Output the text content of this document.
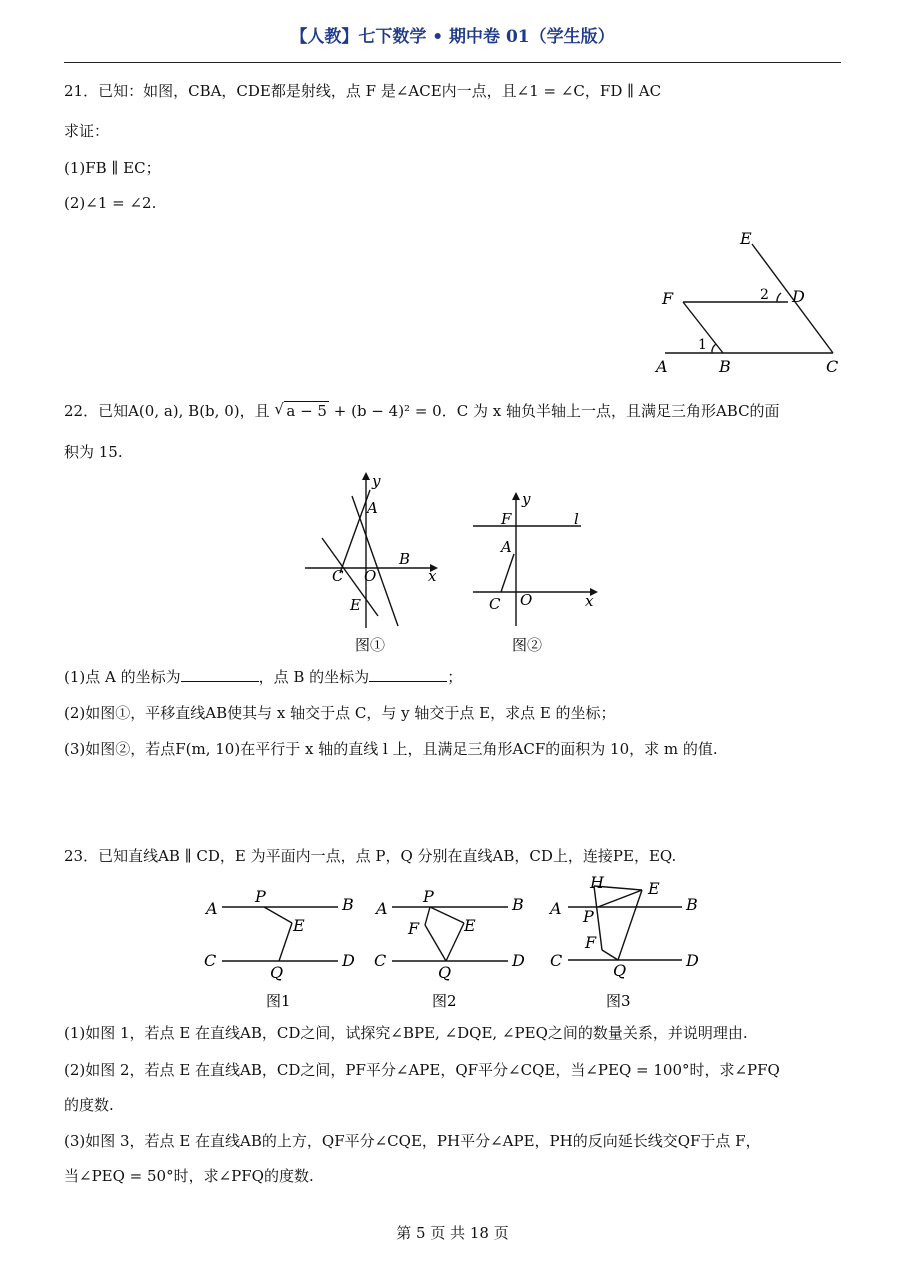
【人教】七下数学 • 期中卷 01（学生版）
21．已知：如图，CBA，CDE都是射线，点 F 是∠ACE内一点，且∠1 = ∠C，FD ∥ AC
求证：
(1)FB ∥ EC；
(2)∠1 = ∠2.
E
F	D
A	B	C
1
2
22．已知A(0, a), B(b, 0)，且 √ a − 5 + (b − 4)² = 0．C 为 x 轴负半轴上一点，且满足三角形ABC的面
积为 15.
y
A
B
C O	x
E
图①
y
F	l
A
C O	x
图②
(1)点 A 的坐标为	，点 B 的坐标为	；
(2)如图①，平移直线AB使其与 x 轴交于点 C，与 y 轴交于点 E，求点 E 的坐标；
(3)如图②，若点F(m, 10)在平行于 x 轴的直线 l 上，且满足三角形ACF的面积为 10，求 m 的值.
23．已知直线AB ∥ CD，E 为平面内一点，点 P，Q 分别在直线AB，CD上，连接PE，EQ.
A
P	B
E
C
Q
D
图1
A
P	B
F	E
C
Q
D
图2
H	E
A P
B
F
C
Q
D
图3
(1)如图 1，若点 E 在直线AB，CD之间，试探究∠BPE, ∠DQE, ∠PEQ之间的数量关系，并说明理由.
(2)如图 2，若点 E 在直线AB，CD之间，PF平分∠APE，QF平分∠CQE，当∠PEQ = 100°时，求∠PFQ
的度数.
(3)如图 3，若点 E 在直线AB的上方，QF平分∠CQE，PH平分∠APE，PH的反向延长线交QF于点 F，
当∠PEQ = 50°时，求∠PFQ的度数.
第 5 页 共 18 页
